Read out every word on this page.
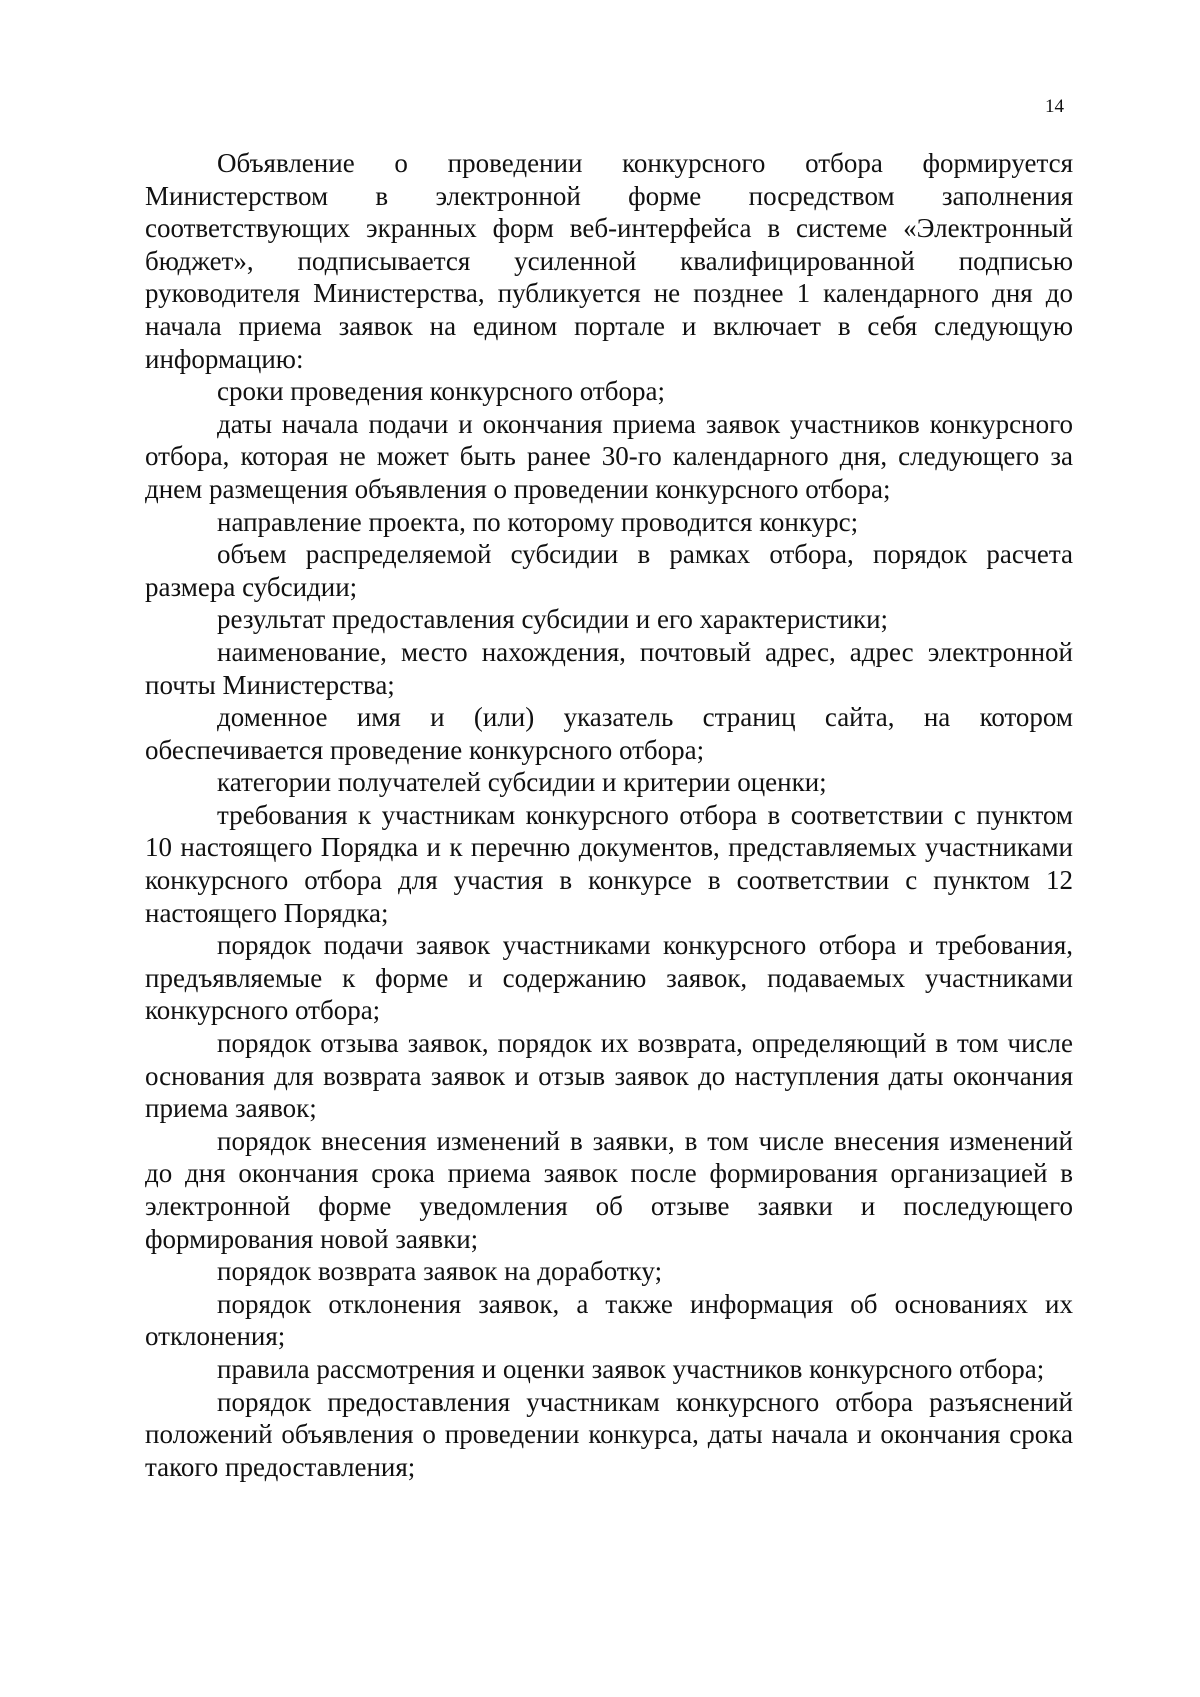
14

Объявление о проведении конкурсного отбора формируется Министерством в электронной форме посредством заполнения соответствующих экранных форм веб-интерфейса в системе «Электронный бюджет», подписывается усиленной квалифицированной подписью руководителя Министерства, публикуется не позднее 1 календарного дня до начала приема заявок на едином портале и включает в себя следующую информацию:

сроки проведения конкурсного отбора;

даты начала подачи и окончания приема заявок участников конкурсного отбора, которая не может быть ранее 30-го календарного дня, следующего за днем размещения объявления о проведении конкурсного отбора;

направление проекта, по которому проводится конкурс;

объем распределяемой субсидии в рамках отбора, порядок расчета размера субсидии;

результат предоставления субсидии и его характеристики;

наименование, место нахождения, почтовый адрес, адрес электронной почты Министерства;

доменное имя и (или) указатель страниц сайта, на котором обеспечивается проведение конкурсного отбора;

категории получателей субсидии и критерии оценки;

требования к участникам конкурсного отбора в соответствии с пунктом 10 настоящего Порядка и к перечню документов, представляемых участниками конкурсного отбора для участия в конкурсе в соответствии с пунктом 12 настоящего Порядка;

порядок подачи заявок участниками конкурсного отбора и требования, предъявляемые к форме и содержанию заявок, подаваемых участниками конкурсного отбора;

порядок отзыва заявок, порядок их возврата, определяющий в том числе основания для возврата заявок и отзыв заявок до наступления даты окончания приема заявок;

порядок внесения изменений в заявки, в том числе внесения изменений до дня окончания срока приема заявок после формирования организацией в электронной форме уведомления об отзыве заявки и последующего формирования новой заявки;

порядок возврата заявок на доработку;

порядок отклонения заявок, а также информация об основаниях их отклонения;

правила рассмотрения и оценки заявок участников конкурсного отбора;

порядок предоставления участникам конкурсного отбора разъяснений положений объявления о проведении конкурса, даты начала и окончания срока такого предоставления;
